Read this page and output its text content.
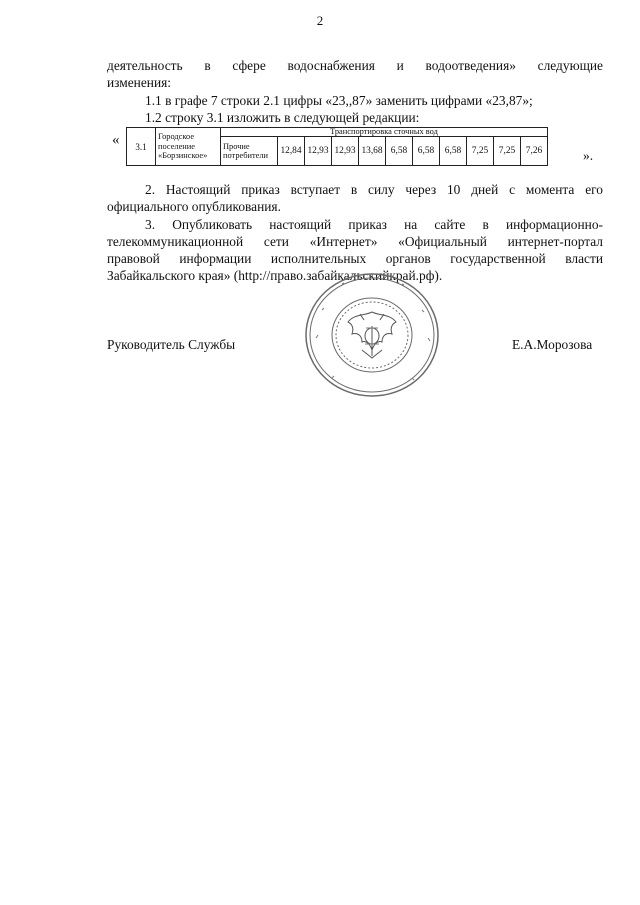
2
деятельность в сфере водоснабжения и водоотведения» следующие
изменения:
1.1 в графе 7 строки 2.1 цифры «23,,87» заменить цифрами «23,87»;
1.2 строку 3.1 изложить в следующей редакции:
« 3.1	Городское поселение «Борзинское»	Транспортировка сточных вод										
		Прочие потребители	12,84	12,93	12,93	13,68	6,58	6,58	6,58	7,25	7,25	7,26	».
2. Настоящий приказ вступает в силу через 10 дней с момента его
официального опубликования.
3. Опубликовать настоящий приказ на сайте в информационно-
телекоммуникационной сети «Интернет» «Официальный интернет-портал
правовой информации исполнительных органов государственной власти
Забайкальского края» (http://право.забайкальскийкрай.рф).
Руководитель Службы	Е.А.Морозова
